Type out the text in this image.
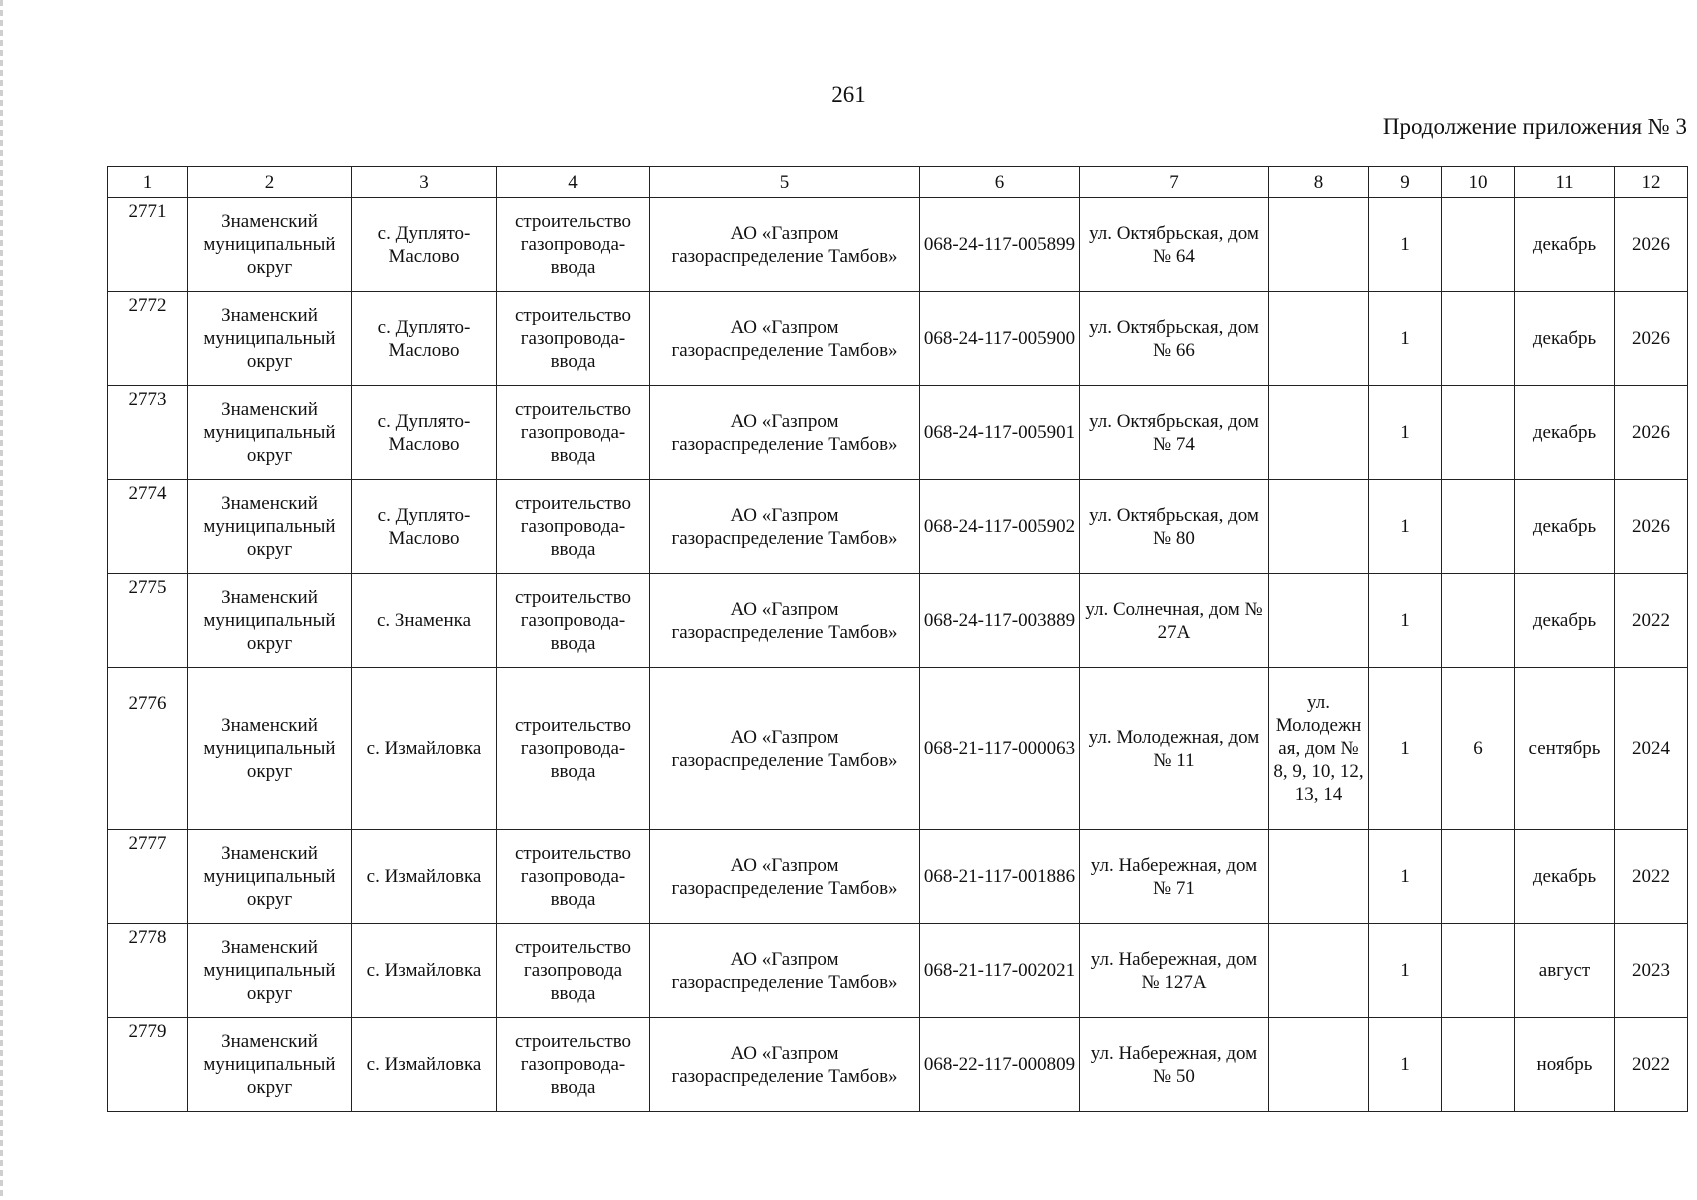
261
Продолжение приложения № 3
1	2	3	4	5	6	7	8	9	10	11	12
2771	Знаменский муниципальный округ	с. Дуплято-Маслово	строительство газопровода-ввода	АО «Газпром газораспределение Тамбов»	068-24-117-005899	ул. Октябрьская, дом № 64		1		декабрь	2026
2772	Знаменский муниципальный округ	с. Дуплято-Маслово	строительство газопровода-ввода	АО «Газпром газораспределение Тамбов»	068-24-117-005900	ул. Октябрьская, дом № 66		1		декабрь	2026
2773	Знаменский муниципальный округ	с. Дуплято-Маслово	строительство газопровода-ввода	АО «Газпром газораспределение Тамбов»	068-24-117-005901	ул. Октябрьская, дом № 74		1		декабрь	2026
2774	Знаменский муниципальный округ	с. Дуплято-Маслово	строительство газопровода-ввода	АО «Газпром газораспределение Тамбов»	068-24-117-005902	ул. Октябрьская, дом № 80		1		декабрь	2026
2775	Знаменский муниципальный округ	с. Знаменка	строительство газопровода-ввода	АО «Газпром газораспределение Тамбов»	068-24-117-003889	ул. Солнечная, дом № 27А		1		декабрь	2022
2776	Знаменский муниципальный округ	с. Измайловка	строительство газопровода-ввода	АО «Газпром газораспределение Тамбов»	068-21-117-000063	ул. Молодежная, дом № 11	ул. Молодежная, дом № 8, 9, 10, 12, 13, 14	1	6	сентябрь	2024
2777	Знаменский муниципальный округ	с. Измайловка	строительство газопровода-ввода	АО «Газпром газораспределение Тамбов»	068-21-117-001886	ул. Набережная, дом № 71		1		декабрь	2022
2778	Знаменский муниципальный округ	с. Измайловка	строительство газопровода ввода	АО «Газпром газораспределение Тамбов»	068-21-117-002021	ул. Набережная, дом № 127А		1		август	2023
2779	Знаменский муниципальный округ	с. Измайловка	строительство газопровода-ввода	АО «Газпром газораспределение Тамбов»	068-22-117-000809	ул. Набережная, дом № 50		1		ноябрь	2022
